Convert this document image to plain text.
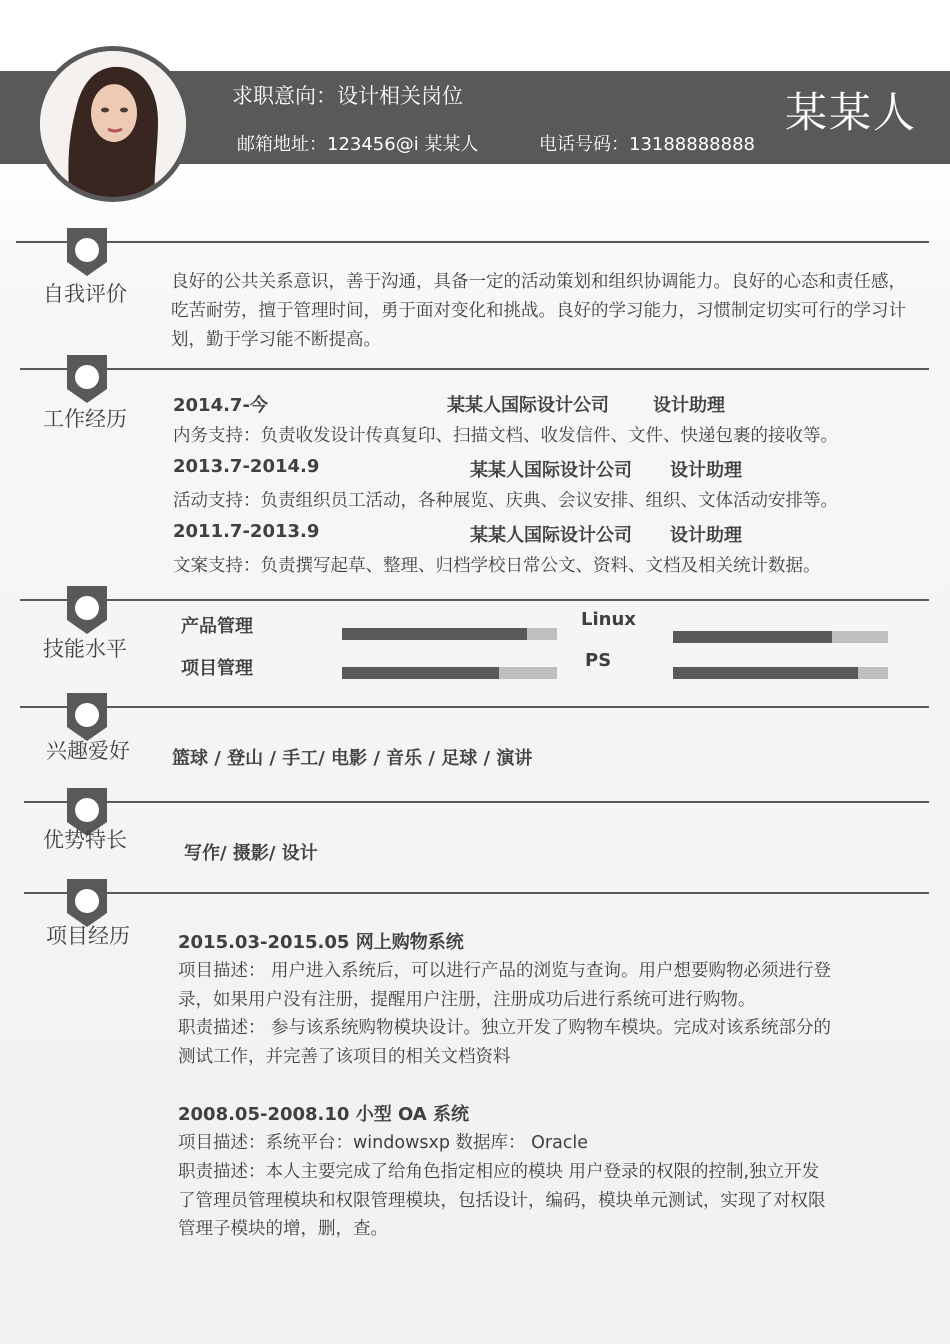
求职意向：设计相关岗位
邮箱地址：123456@i 某某人	电话号码：13188888888
某某人
自我评价	良好的公共关系意识，善于沟通，具备一定的活动策划和组织协调能力。良好的心态和责任感，吃苦耐劳，擅于管理时间，勇于面对变化和挑战。良好的学习能力，习惯制定切实可行的学习计划，勤于学习能不断提高。
工作经历
2014.7-今	某某人国际设计公司 设计助理
内务支持：负责收发设计传真复印、扫描文档、收发信件、文件、快递包裹的接收等。
2013.7-2014.9	某某人国际设计公司 设计助理
活动支持：负责组织员工活动，各种展览、庆典、会议安排、组织、文体活动安排等。
2011.7-2013.9	某某人国际设计公司 设计助理
文案支持：负责撰写起草、整理、归档学校日常公文、资料、文档及相关统计数据。
技能水平
产品管理
项目管理
Linux
PS
兴趣爱好 篮球 / 登山 / 手工/ 电影 / 音乐 / 足球 / 演讲
优势特长
写作/ 摄影/ 设计
项目经历	2015.03-2015.05 网上购物系统
项目描述： 用户进入系统后，可以进行产品的浏览与查询。用户想要购物必须进行登
录，如果用户没有注册，提醒用户注册，注册成功后进行系统可进行购物。
职责描述： 参与该系统购物模块设计。独立开发了购物车模块。完成对该系统部分的
测试工作，并完善了该项目的相关文档资料
2008.05-2008.10 小型 OA 系统
项目描述：系统平台：windowsxp 数据库： Oracle
职责描述：本人主要完成了给角色指定相应的模块 用户登录的权限的控制,独立开发
了管理员管理模块和权限管理模块，包括设计，编码，模块单元测试，实现了对权限
管理子模块的增，删，查。
